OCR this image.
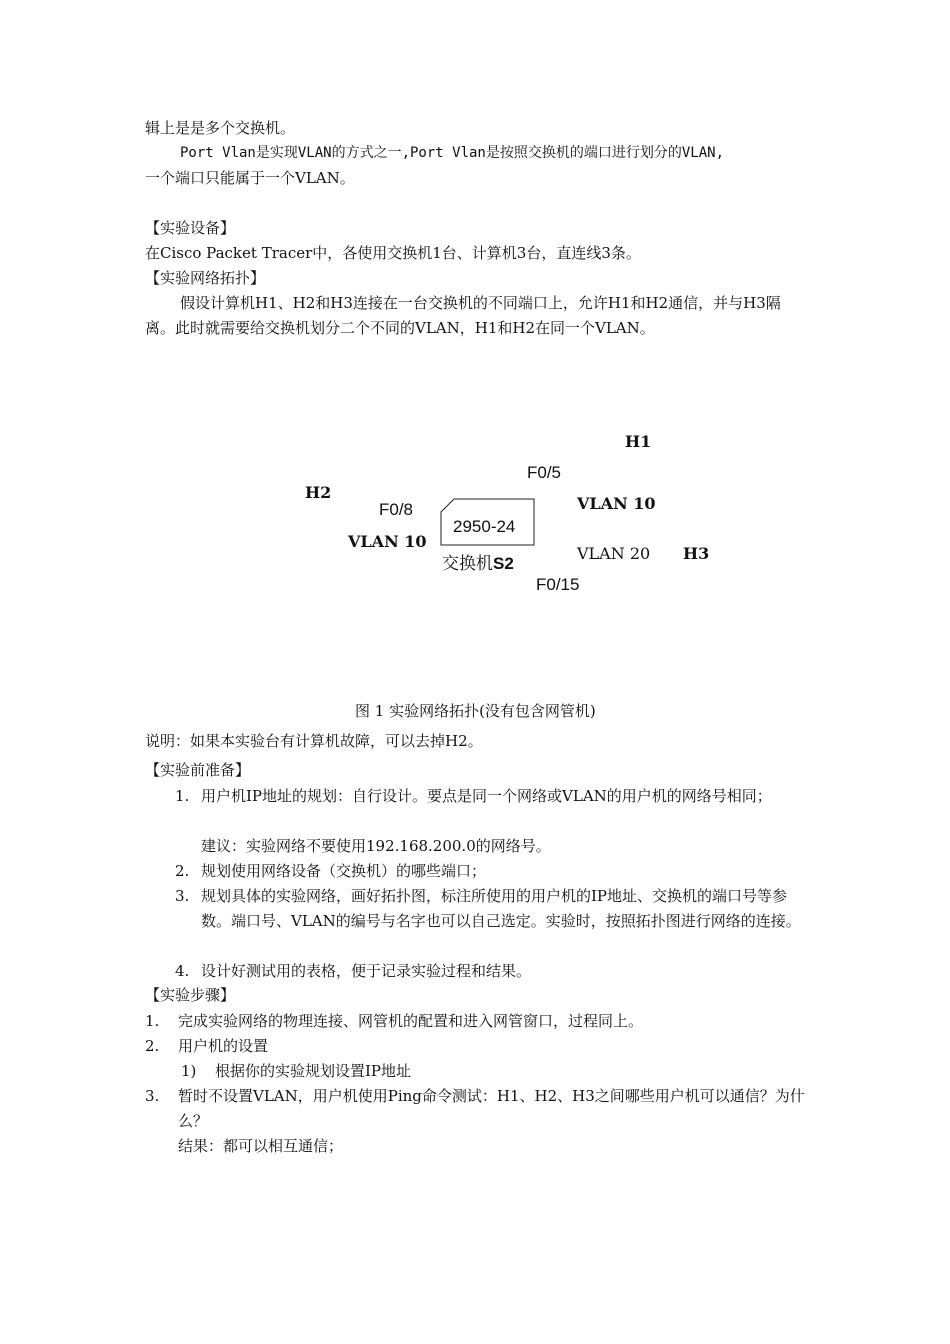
辑上是是多个交换机。
Port Vlan是实现VLAN的方式之一,Port Vlan是按照交换机的端口进行划分的VLAN,
一个端口只能属于一个VLAN。
【实验设备】
在Cisco Packet Tracer中，各使用交换机1台、计算机3台，直连线3条。
【实验网络拓扑】
假设计算机H1、H2和H3连接在一台交换机的不同端口上，允许H1和H2通信，并与H3隔离。此时就需要给交换机划分二个不同的VLAN，H1和H2在同一个VLAN。
H1
F0/5
H2
F0/8	VLAN 10
2950-24
VLAN 10
交换机S2
VLAN 20 H3
F0/15
图 1 实验网络拓扑(没有包含网管机)
说明：如果本实验台有计算机故障，可以去掉H2。
【实验前准备】
1. 用户机IP地址的规划：自行设计。要点是同一个网络或VLAN的用户机的网络号相同；
建议：实验网络不要使用192.168.200.0的网络号。
2. 规划使用网络设备（交换机）的哪些端口；
3. 规划具体的实验网络，画好拓扑图，标注所使用的用户机的IP地址、交换机的端口号等参数。端口号、VLAN的编号与名字也可以自己选定。实验时，按照拓扑图进行网络的连接。
4. 设计好测试用的表格，便于记录实验过程和结果。
【实验步骤】
1. 完成实验网络的物理连接、网管机的配置和进入网管窗口，过程同上。
2. 用户机的设置
1) 根据你的实验规划设置IP地址
3. 暂时不设置VLAN，用户机使用Ping命令测试：H1、H2、H3之间哪些用户机可以通信？为什么？
结果：都可以相互通信；
